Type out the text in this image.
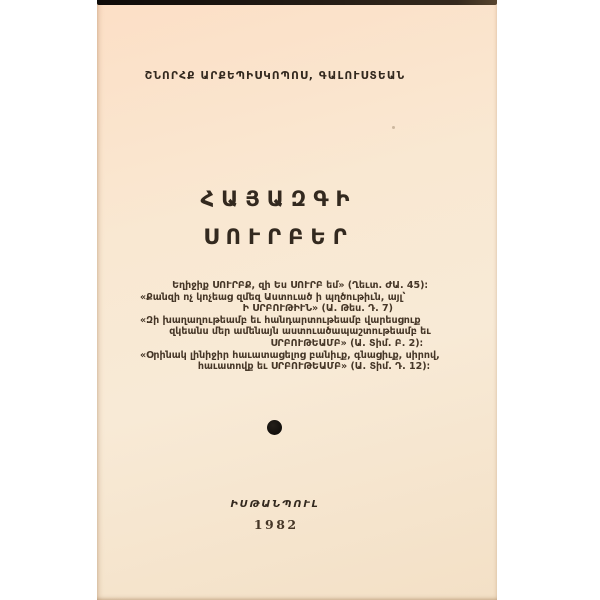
ՇՆՈՐՀՔ ԱՐՔԵՊԻՍԿՈՊՈՍ, ԳԱԼՈՒՍՏԵԱՆ
ՀԱՅԱԶԳԻ
ՍՈՒՐԲԵՐ
ԻՍԹԱՆՊՈՒԼ
1982
Եղիջիք ՍՈՒՐԲՔ, զի Ես ՍՈՒՐԲ եմ» (Ղեւտ. ԺԱ. 45)։
«Քանզի ոչ կոչեաց զմեզ Աստուած ի պղծութիւն, այլ՝
Ի ՍՐԲՈՒԹԻՒՆ» (Ա. Թես. Դ. 7)
«Զի խաղաղութեամբ եւ հանդարտութեամբ վարեսցուք
զկեանս մեր ամենայն աստուածապաշտութեամբ եւ
ՍՐԲՈՒԹԵԱՄԲ» (Ա. Տիմ. Բ. 2)։
«Օրինակ լինիջիր հաւատացելոց բանիւք, գնացիւք, սիրով,
հաւատովք եւ ՍՐԲՈՒԹԵԱՄԲ» (Ա. Տիմ. Դ. 12)։
